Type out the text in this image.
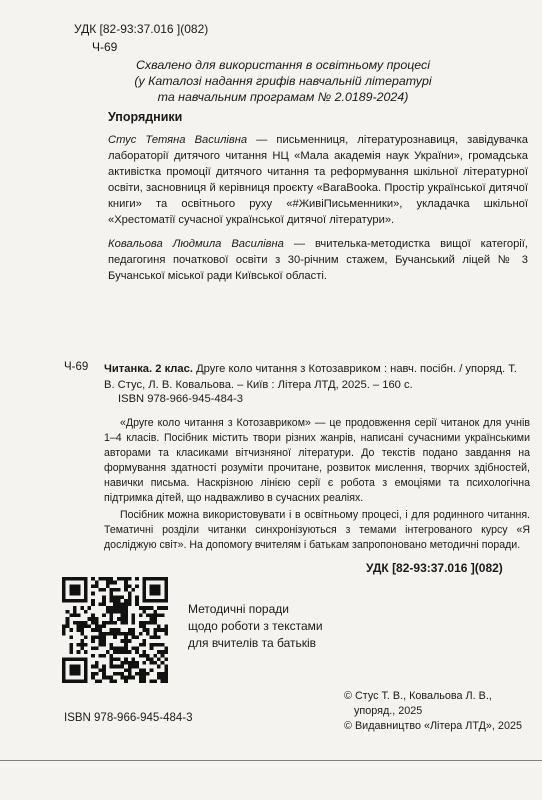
УДК [82-93:37.016 ](082)
Ч-69
Схвалено для використання в освітньому процесі
(у Каталозі надання грифів навчальній літературі
та навчальним програмам № 2.0189-2024)
Упорядники
Стус Тетяна Василівна — письменниця, літературознавиця, завідувачка лабораторії дитячого читання НЦ «Мала академія наук України», громадська активістка промоції дитячого читання та реформування шкільної літературної освіти, засновниця й керівниця проєкту «BaraBooka. Простір української дитячої книги» та освітнього руху «#ЖивіПисьменники», укладачка шкільної «Хрестоматії сучасної української дитячої літератури».
Ковальова Людмила Василівна — вчителька-методистка вищої категорії, педагогиня початкової освіти з 30-річним стажем, Бучанський ліцей № 3 Бучанської міської ради Київської області.
Ч-69 Читанка. 2 клас. Друге коло читання з Котозавриком : навч. посібн. / упоряд. Т. В. Стус, Л. В. Ковальова. – Київ : Літера ЛТД, 2025. – 160 с.
ISBN 978-966-945-484-3
«Друге коло читання з Котозавриком» — це продовження серії читанок для учнів 1–4 класів. Посібник містить твори різних жанрів, написані сучасними українськими авторами та класиками вітчизняної літератури. До текстів подано завдання на формування здатності розуміти прочитане, розвиток мислення, творчих здібностей, навички письма. Наскрізною лінією серії є робота з емоціями та психологічна підтримка дітей, що надважливо в сучасних реаліях.
Посібник можна використовувати і в освітньому процесі, і для родинного читання. Тематичні розділи читанки синхронізуються з темами інтегрованого курсу «Я досліджую світ». На допомогу вчителям і батькам запропоновано методичні поради.
УДК [82-93:37.016 ](082)
Методичні поради
щодо роботи з текстами
для вчителів та батьків
© Стус Т. В., Ковальова Л. В.,
упоряд., 2025
© Видавництво «Літера ЛТД», 2025
ISBN 978-966-945-484-3
